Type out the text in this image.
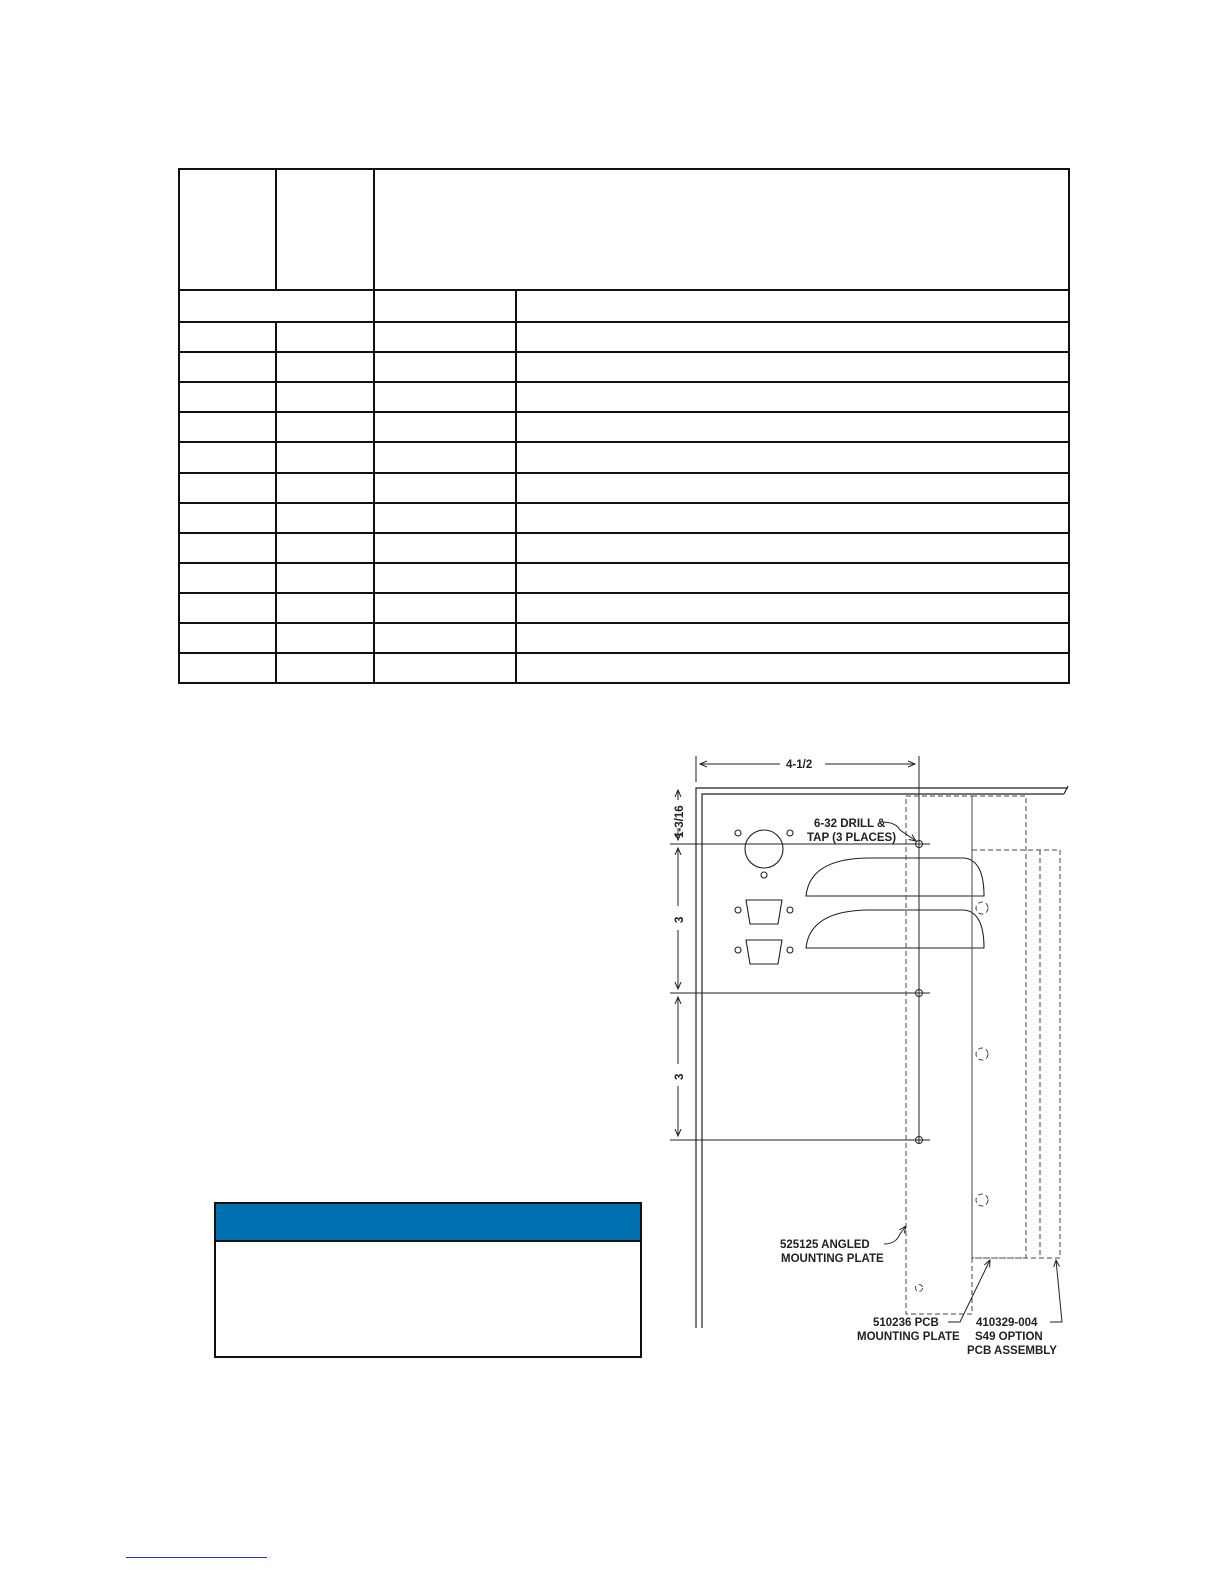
4-1/2
1-3/16
3
3
6-32 DRILL &
TAP (3 PLACES)
525125 ANGLED
MOUNTING PLATE
510236 PCB
MOUNTING PLATE
410329-004
S49 OPTION
PCB ASSEMBLY
